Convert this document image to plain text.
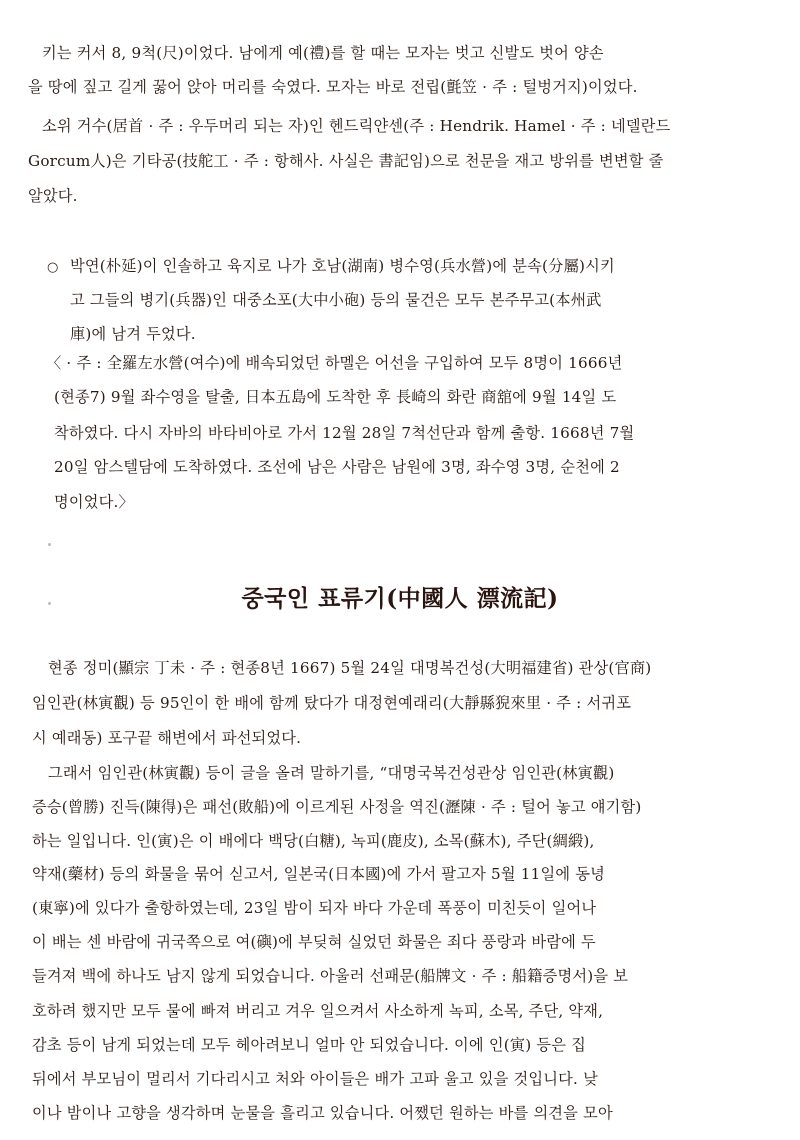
키는 커서 8, 9척(尺)이었다. 남에게 예(禮)를 할 때는 모자는 벗고 신발도 벗어 양손
을 땅에 짚고 길게 꿇어 앉아 머리를 숙였다. 모자는 바로 전립(氈笠 · 주 : 털벙거지)이었다.
소위 거수(居首 · 주 : 우두머리 되는 자)인 헨드릭얀센(주 : Hendrik. Hamel · 주 : 네델란드
Gorcum人)은 기타공(技舵工 · 주 : 항해사. 사실은 書記임)으로 천문을 재고 방위를 변변할 줄
알았다.
○ 박연(朴延)이 인솔하고 육지로 나가 호남(湖南) 병수영(兵水營)에 분속(分屬)시키
고 그들의 병기(兵器)인 대중소포(大中小砲) 등의 물건은 모두 본주무고(本州武
庫)에 남겨 두었다.
〈 · 주 : 全羅左水營(여수)에 배속되었던 하멜은 어선을 구입하여 모두 8명이 1666년
(현종7) 9월 좌수영을 탈출, 日本五島에 도착한 후 長崎의 화란 商舘에 9월 14일 도
착하였다. 다시 자바의 바타비아로 가서 12월 28일 7척선단과 함께 출항. 1668년 7월
20일 암스텔담에 도착하였다. 조선에 남은 사람은 남원에 3명, 좌수영 3명, 순천에 2
명이었다.〉
중국인 표류기(中國人 漂流記)
현종 정미(顯宗 丁未 · 주 : 현종8년 1667) 5월 24일 대명복건성(大明福建省) 관상(官商)
임인관(林寅觀) 등 95인이 한 배에 함께 탔다가 대정현예래리(大靜縣猊來里 · 주 : 서귀포
시 예래동) 포구끝 해변에서 파선되었다.
그래서 임인관(林寅觀) 등이 글을 올려 말하기를, “대명국복건성관상 임인관(林寅觀)
증승(曾勝) 진득(陳得)은 패선(敗船)에 이르게된 사정을 역진(瀝陳 · 주 : 털어 놓고 얘기함)
하는 일입니다. 인(寅)은 이 배에다 백당(白糖), 녹피(鹿皮), 소목(蘇木), 주단(綢緞),
약재(藥材) 등의 화물을 묶어 싣고서, 일본국(日本國)에 가서 팔고자 5월 11일에 동녕
(東寧)에 있다가 출항하였는데, 23일 밤이 되자 바다 가운데 폭풍이 미친듯이 일어나
이 배는 센 바람에 귀국쪽으로 여(礖)에 부딪혀 실었던 화물은 죄다 풍랑과 바람에 두
들겨져 백에 하나도 남지 않게 되었습니다. 아울러 선패문(船牌文 · 주 : 船籍증명서)을 보
호하려 했지만 모두 물에 빠져 버리고 겨우 일으켜서 사소하게 녹피, 소목, 주단, 약재,
감초 등이 남게 되었는데 모두 헤아려보니 얼마 안 되었습니다. 이에 인(寅) 등은 집
뒤에서 부모님이 멀리서 기다리시고 처와 아이들은 배가 고파 울고 있을 것입니다. 낮
이나 밤이나 고향을 생각하며 눈물을 흘리고 있습니다. 어쨌던 원하는 바를 의견을 모아
